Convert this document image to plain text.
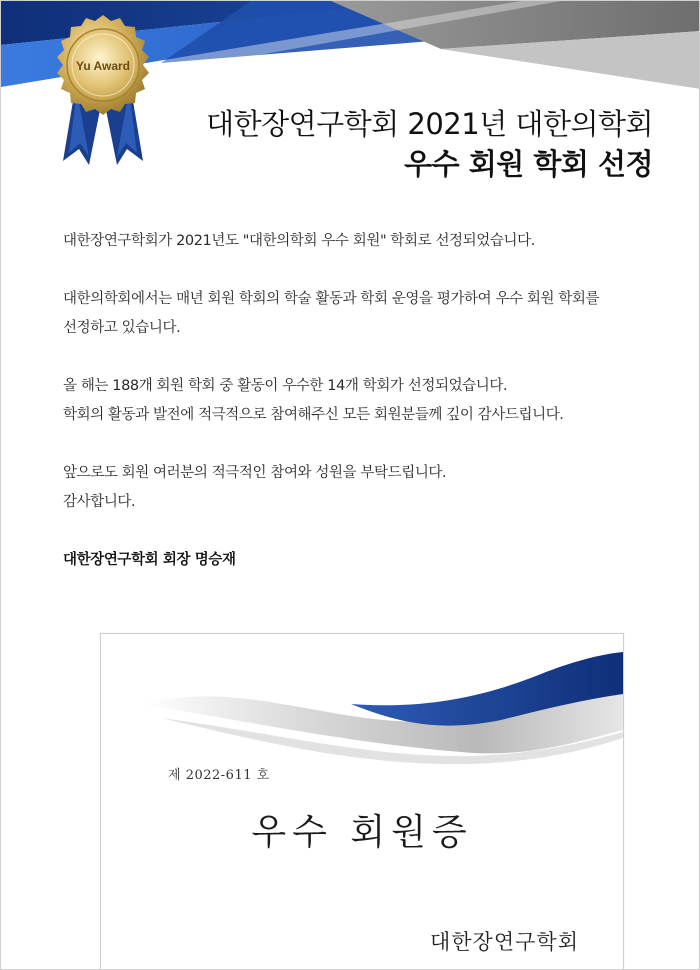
Yu Award
대한장연구학회 2021년 대한의학회
우수 회원 학회 선정

대한장연구학회가 2021년도 "대한의학회 우수 회원" 학회로 선정되었습니다.

대한의학회에서는 매년 회원 학회의 학술 활동과 학회 운영을 평가하여 우수 회원 학회를

선정하고 있습니다.

올 해는 188개 회원 학회 중 활동이 우수한 14개 학회가 선정되었습니다.

학회의 활동과 발전에 적극적으로 참여해주신 모든 회원분들께 깊이 감사드립니다.

앞으로도 회원 여러분의 적극적인 참여와 성원을 부탁드립니다.

감사합니다.

대한장연구학회 회장 명승재

제 2022-611 호
우수 회원증
대한장연구학회
